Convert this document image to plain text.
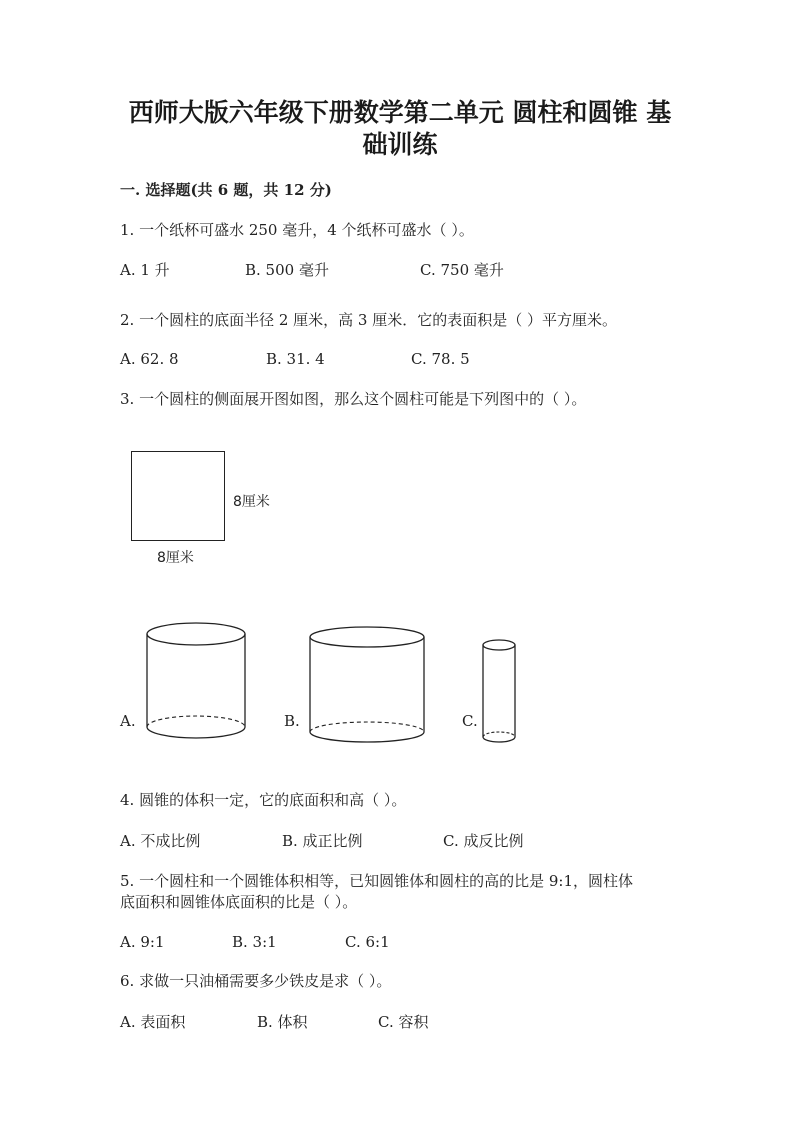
西师大版六年级下册数学第二单元 圆柱和圆锥 基
础训练
一. 选择题(共 6 题，共 12 分)
1. 一个纸杯可盛水 250 毫升，4 个纸杯可盛水（ ）。
A. 1 升	B. 500 毫升	C. 750 毫升
2. 一个圆柱的底面半径 2 厘米，高 3 厘米．它的表面积是（ ）平方厘米。
A. 62. 8	B. 31. 4	C. 78. 5
3. 一个圆柱的侧面展开图如图，那么这个圆柱可能是下列图中的（ ）。
8厘米
8厘米
A.	B.	C.
4. 圆锥的体积一定，它的底面积和高（ ）。
A. 不成比例	B. 成正比例	C. 成反比例
5. 一个圆柱和一个圆锥体积相等，已知圆锥体和圆柱的高的比是 9:1，圆柱体
底面积和圆锥体底面积的比是（ ）。
A. 9:1	B. 3:1	C. 6:1
6. 求做一只油桶需要多少铁皮是求（ ）。
A. 表面积	B. 体积	C. 容积
